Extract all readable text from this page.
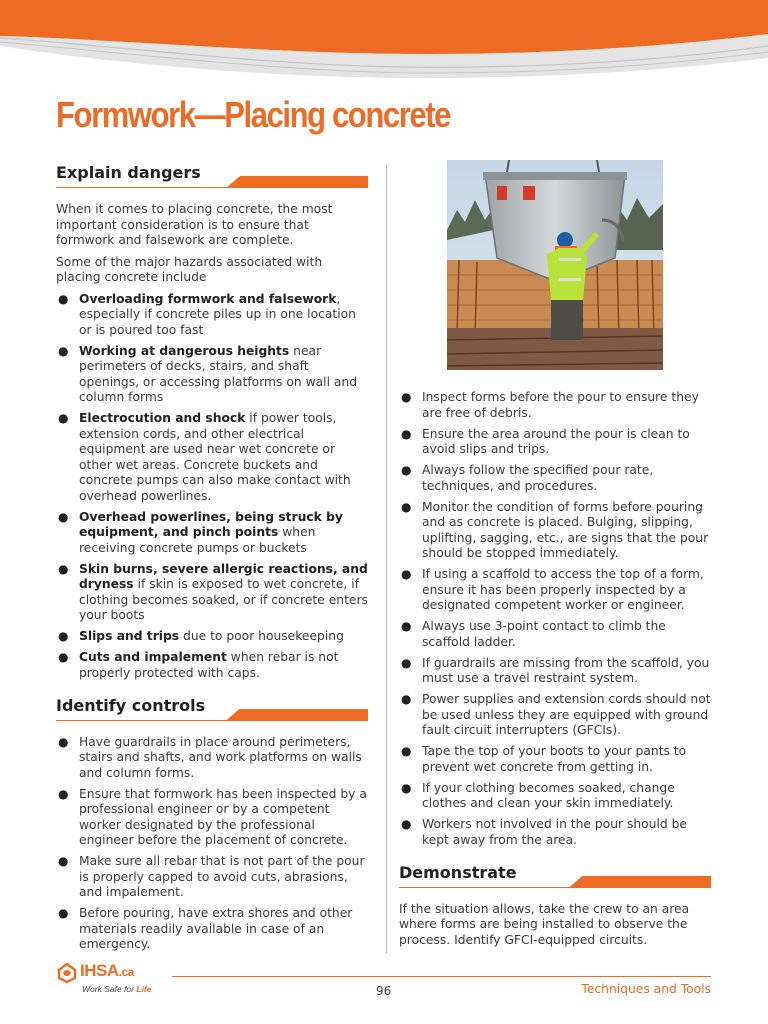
Formwork—Placing concrete
Explain dangers

When it comes to placing concrete, the most important consideration is to ensure that formwork and falsework are complete.

Some of the major hazards associated with placing concrete include

● Overloading formwork and falsework, especially if concrete piles up in one location or is poured too fast
● Working at dangerous heights near perimeters of decks, stairs, and shaft openings, or accessing platforms on wall and column forms
● Electrocution and shock if power tools, extension cords, and other electrical equipment are used near wet concrete or other wet areas. Concrete buckets and concrete pumps can also make contact with overhead powerlines.
● Overhead powerlines, being struck by equipment, and pinch points when receiving concrete pumps or buckets
● Skin burns, severe allergic reactions, and dryness if skin is exposed to wet concrete, if clothing becomes soaked, or if concrete enters your boots
● Slips and trips due to poor housekeeping
● Cuts and impalement when rebar is not properly protected with caps.
Identify controls
● Have guardrails in place around perimeters, stairs and shafts, and work platforms on walls and column forms.
● Ensure that formwork has been inspected by a professional engineer or by a competent worker designated by the professional engineer before the placement of concrete.
● Make sure all rebar that is not part of the pour is properly capped to avoid cuts, abrasions, and impalement.
● Before pouring, have extra shores and other materials readily available in case of an emergency.
● Inspect forms before the pour to ensure they are free of debris.
● Ensure the area around the pour is clean to avoid slips and trips.
● Always follow the specified pour rate, techniques, and procedures.
● Monitor the condition of forms before pouring and as concrete is placed. Bulging, slipping, uplifting, sagging, etc., are signs that the pour should be stopped immediately.
● If using a scaffold to access the top of a form, ensure it has been properly inspected by a designated competent worker or engineer.
● Always use 3-point contact to climb the scaffold ladder.
● If guardrails are missing from the scaffold, you must use a travel restraint system.
● Power supplies and extension cords should not be used unless they are equipped with ground fault circuit interrupters (GFCIs).
● Tape the top of your boots to your pants to prevent wet concrete from getting in.
● If your clothing becomes soaked, change clothes and clean your skin immediately.
● Workers not involved in the pour should be kept away from the area.
Demonstrate

If the situation allows, take the crew to an area where forms are being installed to observe the process. Identify GFCI-equipped circuits.

IHSA.ca
Work Safe for Life	96	Techniques and Tools
